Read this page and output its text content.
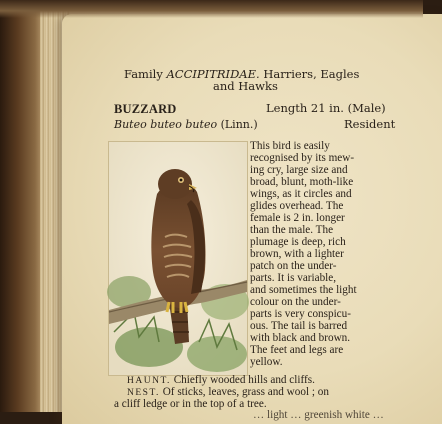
Family ACCIPITRIDAE. Harriers, Eagles
and Hawks
BUZZARD	Length 21 in. (Male)
Buteo buteo buteo (Linn.)	Resident
This bird is easily
recognised by its mew-
ing cry, large size and
broad, blunt, moth-like
wings, as it circles and
glides overhead. The
female is 2 in. longer
than the male. The
plumage is deep, rich
brown, with a lighter
patch on the under-
parts. It is variable,
and sometimes the light
colour on the under-
parts is very conspicu-
ous. The tail is barred
with black and brown.
The feet and legs are
yellow.
HAUNT. Chiefly wooded hills and cliffs.
NEST. Of sticks, leaves, grass and wool ; on
a cliff ledge or in the top of a tree.
… light … greenish white …
